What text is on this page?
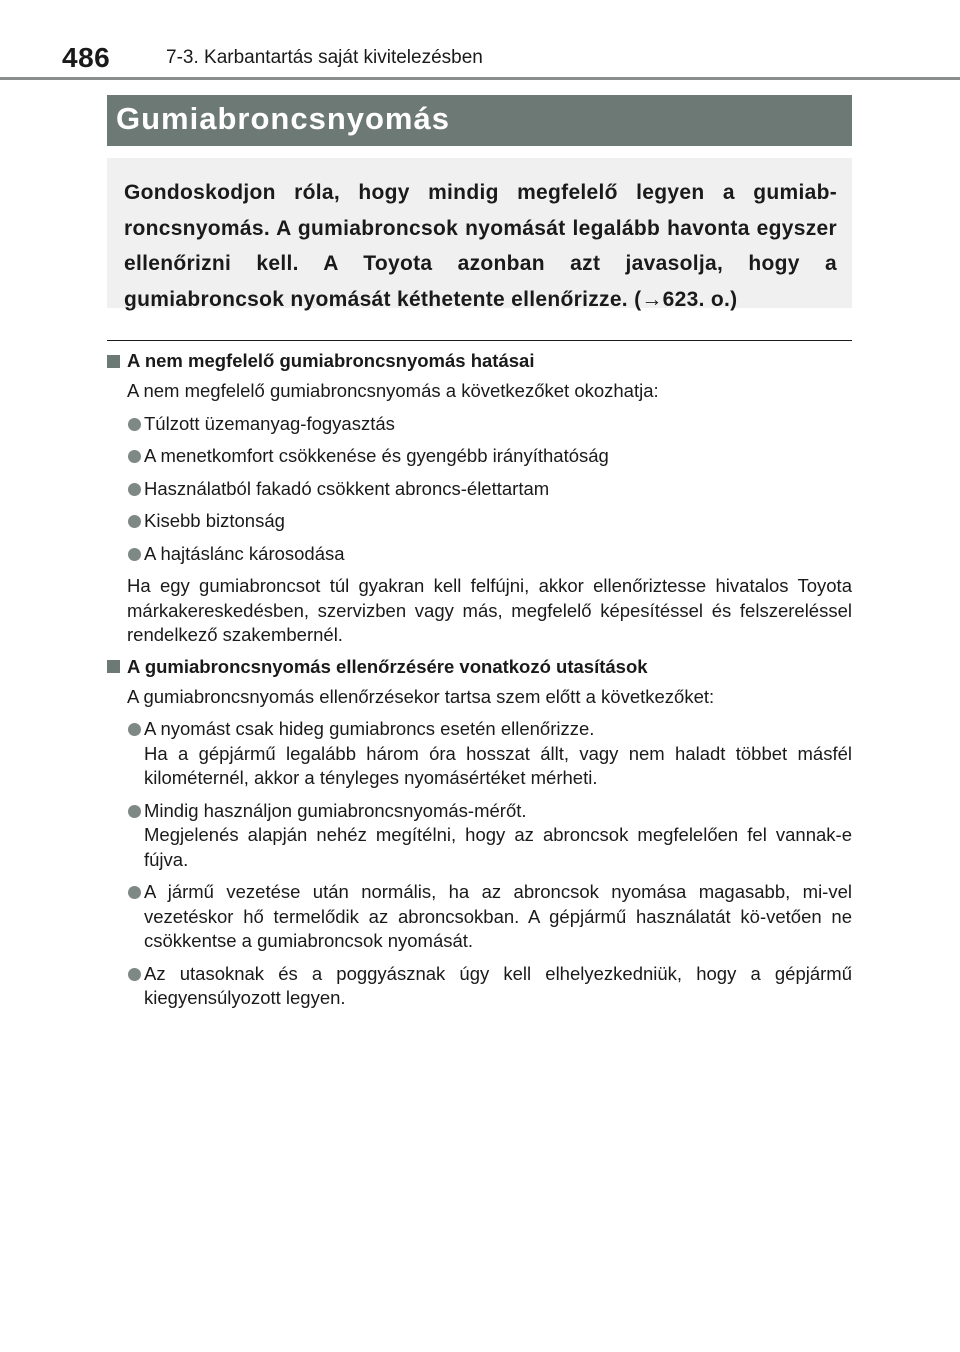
486	7-3. Karbantartás saját kivitelezésben
Gumiabroncsnyomás

Gondoskodjon róla, hogy mindig megfelelő legyen a gumiab-roncsnyomás. A gumiabroncsok nyomását legalább havonta egyszer ellenőrizni kell. A Toyota azonban azt javasolja, hogy a gumiabroncsok nyomását kéthetente ellenőrizze. (→623. o.)

A nem megfelelő gumiabroncsnyomás hatásai

A nem megfelelő gumiabroncsnyomás a következőket okozhatja:

Túlzott üzemanyag-fogyasztás
A menetkomfort csökkenése és gyengébb irányíthatóság
Használatból fakadó csökkent abroncs-élettartam
Kisebb biztonság
A hajtáslánc károsodása

Ha egy gumiabroncsot túl gyakran kell felfújni, akkor ellenőriztesse hivatalos Toyota márkakereskedésben, szervizben vagy más, megfelelő képesítéssel és felszereléssel rendelkező szakembernél.

A gumiabroncsnyomás ellenőrzésére vonatkozó utasítások

A gumiabroncsnyomás ellenőrzésekor tartsa szem előtt a következőket:

A nyomást csak hideg gumiabroncs esetén ellenőrizze.
Ha a gépjármű legalább három óra hosszat állt, vagy nem haladt többet másfél kilométernél, akkor a tényleges nyomásértéket mérheti.
Mindig használjon gumiabroncsnyomás-mérőt.
Megjelenés alapján nehéz megítélni, hogy az abroncsok megfelelően fel vannak-e fújva.
A jármű vezetése után normális, ha az abroncsok nyomása magasabb, mi-vel vezetéskor hő termelődik az abroncsokban. A gépjármű használatát kö-vetően ne csökkentse a gumiabroncsok nyomását.
Az utasoknak és a poggyásznak úgy kell elhelyezkedniük, hogy a gépjármű kiegyensúlyozott legyen.
